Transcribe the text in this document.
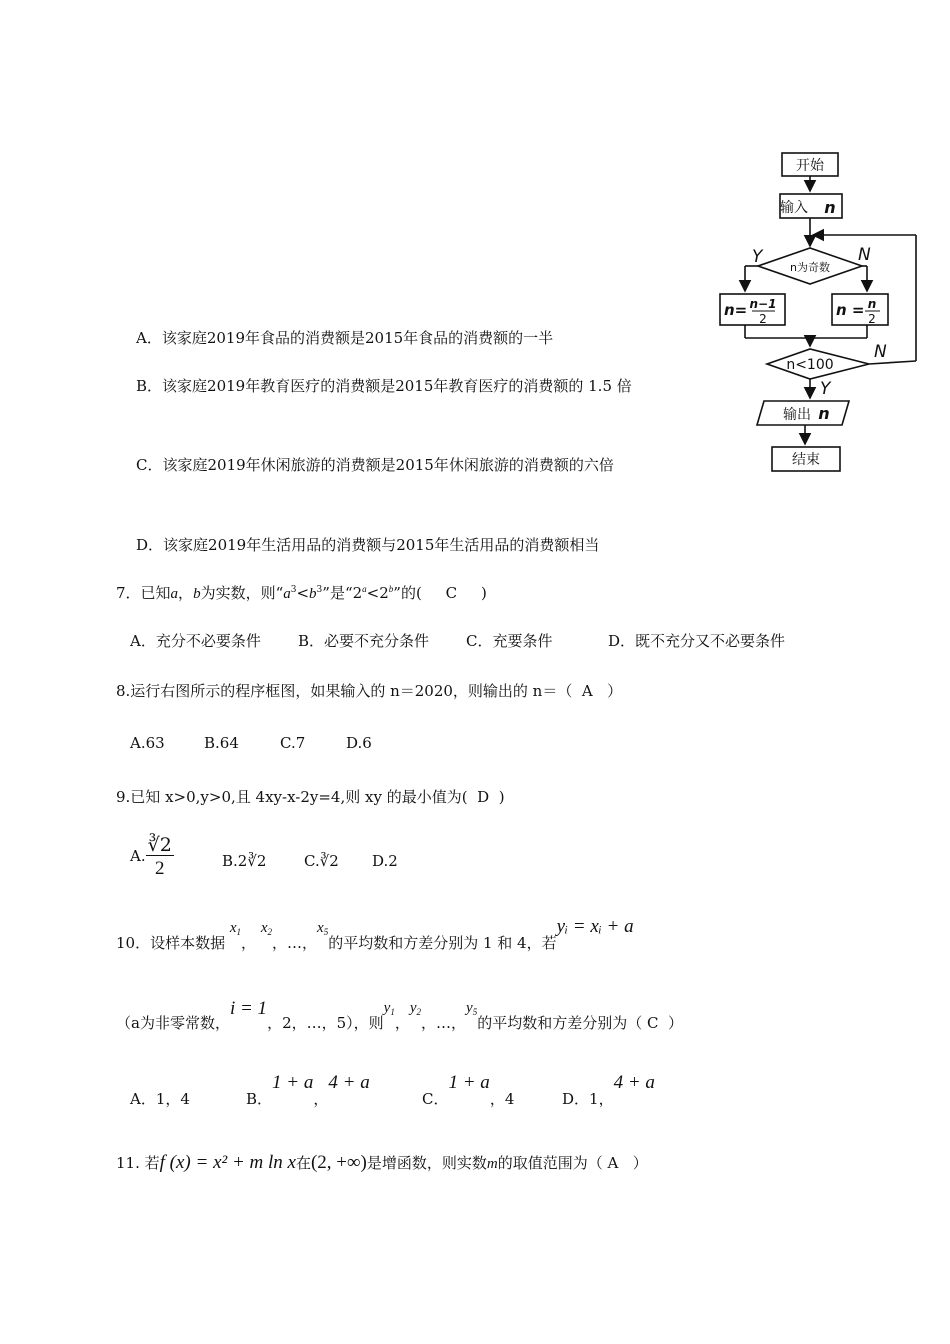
A．该家庭2019年食品的消费额是2015年食品的消费额的一半
B．该家庭2019年教育医疗的消费额是2015年教育医疗的消费额的 1.5 倍
C．该家庭2019年休闲旅游的消费额是2015年休闲旅游的消费额的六倍
D．该家庭2019年生活用品的消费额与2015年生活用品的消费额相当
7．已知a，b为实数，则“$a^3<b^3$”是“$2^a<2^b$”的( C )
A．充分不必要条件 B．必要不充分条件 C．充要条件	D．既不充分又不必要条件
8.运行右图所示的程序框图，如果输入的 n＝2020，则输出的 n＝（ A ）
A.63	B.64	C.7	D.6
9.已知 x>0,y>0,且 4xy-x-2y=4,则 xy 的最小值为( D )
A. $\frac{∛2}{2}$	B.2∛2	C.∛2 D.2
10．设样本数据 $x_1$， $x_2$，…，$x_5$的平均数和方差分别为 1 和 4，若yᵢ = xᵢ + a
（a为非零常数，i = 1，2，…，5），则$y_1$，$y_2$，…，$y_5$的平均数和方差分别为（ C ）
A．1，4	B．1 + a，4 + a
C．1 + a，4	D．1，4 + a
11. 若f (x) = x² + m ln x在(2, +∞)是增函数，则实数m的取值范围为（ A ）
开始
输入 n
n为奇数
Y	N
n= n−1
2	n = n
2
n<100
N
Y
输出 n
结束
